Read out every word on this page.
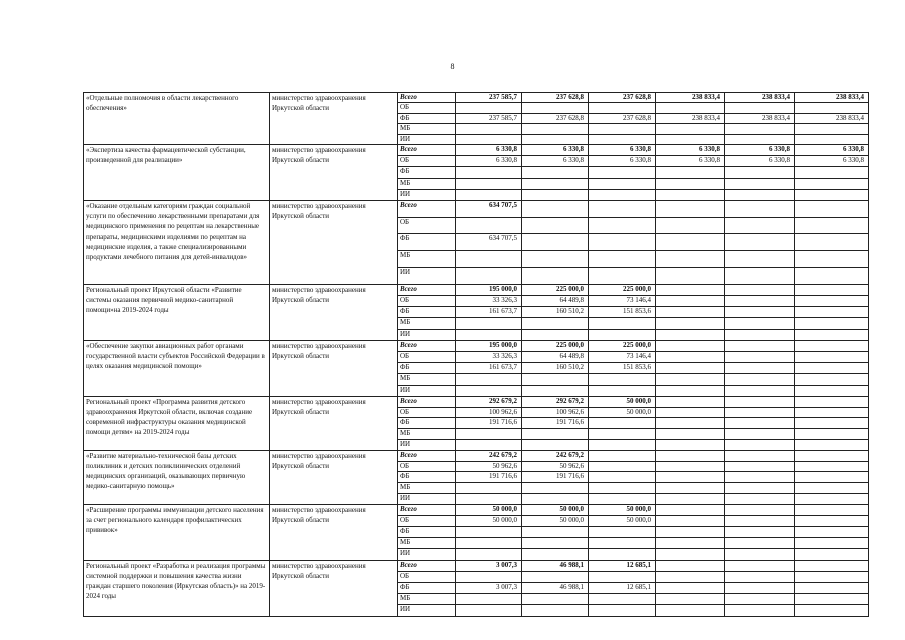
8
«Отдельные полномочия в области лекарственного обеспечения»	министерство здравоохранения Иркутской области	Всего	237 585,7	237 628,8	237 628,8	238 833,4	238 833,4	238 833,4
		ОБ						
		ФБ	237 585,7	237 628,8	237 628,8	238 833,4	238 833,4	238 833,4
		МБ						
		ИИ						
«Экспертиза качества фармацевтической субстанции, произведенной для реализации»	министерство здравоохранения Иркутской области	Всего	6 330,8	6 330,8	6 330,8	6 330,8	6 330,8	6 330,8
		ОБ	6 330,8	6 330,8	6 330,8	6 330,8	6 330,8	6 330,8
		ФБ						
		МБ						
		ИИ						
«Оказание отдельным категориям граждан социальной услуги по обеспечению лекарственными препаратами для медицинского применения по рецептам на лекарственные препараты, медицинскими изделиями по рецептам на медицинские изделия, а также специализированными продуктами лечебного питания для детей-инвалидов»	министерство здравоохранения Иркутской области	Всего	634 707,5					
		ОБ						
		ФБ	634 707,5					
		МБ						
		ИИ						
Региональный проект Иркутской области «Развитие системы оказания первичной медико-санитарной помощи»на 2019-2024 годы	министерство здравоохранения Иркутской области	Всего	195 000,0	225 000,0	225 000,0			
		ОБ	33 326,3	64 489,8	73 146,4			
		ФБ	161 673,7	160 510,2	151 853,6			
		МБ						
		ИИ						
«Обеспечение закупки авиационных работ органами государственной власти субъектов Российской Федерации в целях оказания медицинской помощи»	министерство здравоохранения Иркутской области	Всего	195 000,0	225 000,0	225 000,0			
		ОБ	33 326,3	64 489,8	73 146,4			
		ФБ	161 673,7	160 510,2	151 853,6			
		МБ						
		ИИ						
Региональный проект «Программа развития детского здравоохранения Иркутской области, включая создание современной инфраструктуры оказания медицинской помощи детям» на 2019-2024 годы	министерство здравоохранения Иркутской области	Всего	292 679,2	292 679,2	50 000,0			
		ОБ	100 962,6	100 962,6	50 000,0			
		ФБ	191 716,6	191 716,6				
		МБ						
		ИИ						
«Развитие материально-технической базы детских поликлиник и детских поликлинических отделений медицинских организаций, оказывающих первичную медико-санитарную помощь»	министерство здравоохранения Иркутской области	Всего	242 679,2	242 679,2				
		ОБ	50 962,6	50 962,6				
		ФБ	191 716,6	191 716,6				
		МБ						
		ИИ						
«Расширение программы иммунизации детского населения за счет регионального календаря профилактических прививок»	министерство здравоохранения Иркутской области	Всего	50 000,0	50 000,0	50 000,0			
		ОБ	50 000,0	50 000,0	50 000,0			
		ФБ						
		МБ						
		ИИ						
Региональный проект «Разработка и реализация программы системной поддержки и повышения качества жизни граждан старшего поколения (Иркутская область)» на 2019-2024 годы	министерство здравоохранения Иркутской области	Всего	3 007,3	46 988,1	12 685,1			
		ОБ						
		ФБ	3 007,3	46 988,1	12 685,1			
		МБ						
		ИИ						
